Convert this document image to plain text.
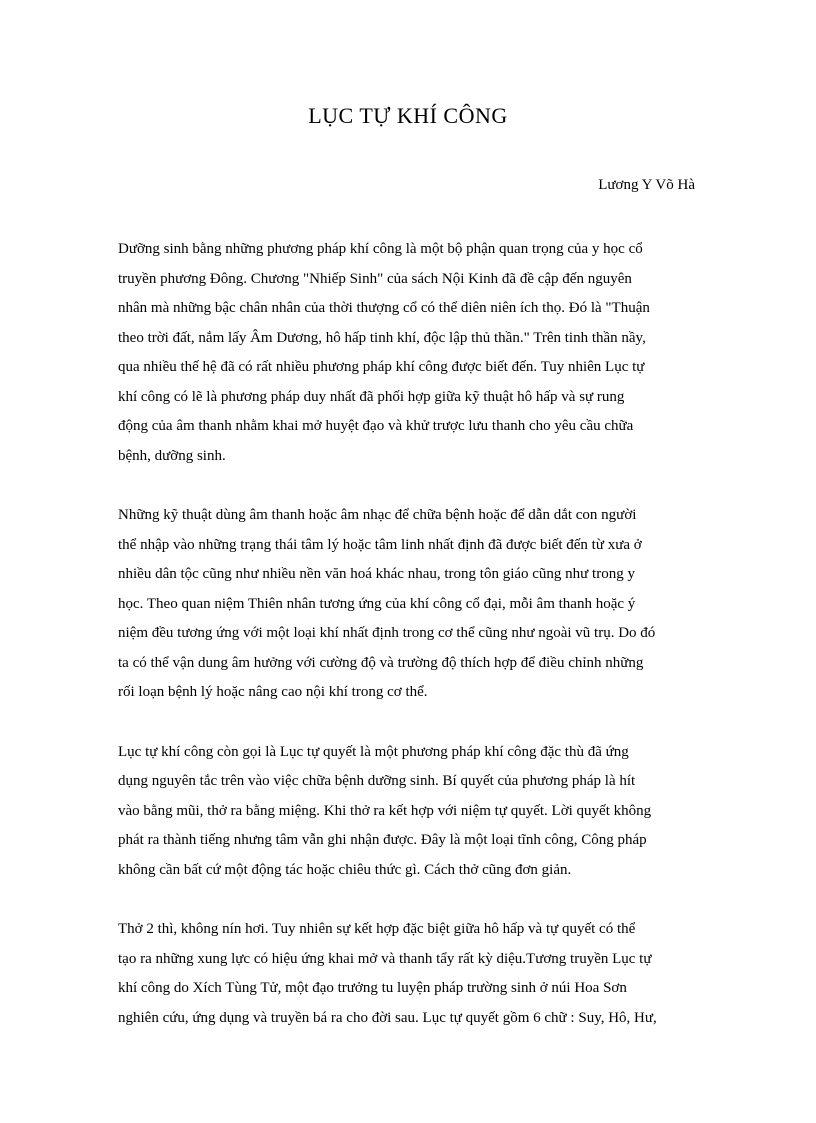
LỤC TỰ KHÍ CÔNG

Lương Y Võ Hà

Dưỡng sinh bằng những phương pháp khí công là một bộ phận quan trọng của y học cổ
truyền phương Đông. Chương "Nhiếp Sinh" của sách Nội Kinh đã đề cập đến nguyên
nhân mà những bậc chân nhân của thời thượng cổ có thể diên niên ích thọ. Đó là "Thuận
theo trời đất, nắm lấy Âm Dương, hô hấp tinh khí, độc lập thủ thần." Trên tinh thần nầy,
qua nhiều thế hệ đã có rất nhiều phương pháp khí công được biết đến. Tuy nhiên Lục tự
khí công có lẽ là phương pháp duy nhất đã phối hợp giữa kỹ thuật hô hấp và sự rung
động của âm thanh nhằm khai mở huyệt đạo và khử trược lưu thanh cho yêu cầu chữa
bệnh, dưỡng sinh.
Những kỹ thuật dùng âm thanh hoặc âm nhạc để chữa bệnh hoặc để dẫn dắt con người
thể nhập vào những trạng thái tâm lý hoặc tâm linh nhất định đã được biết đến từ xưa ở
nhiều dân tộc cũng như nhiều nền văn hoá khác nhau, trong tôn giáo cũng như trong y
học. Theo quan niệm Thiên nhân tương ứng của khí công cổ đại, mỗi âm thanh hoặc ý
niệm đều tương ứng với một loại khí nhất định trong cơ thể cũng như ngoài vũ trụ. Do đó
ta có thể vận dung âm hưởng với cường độ và trường độ thích hợp để điều chỉnh những
rối loạn bệnh lý hoặc nâng cao nội khí trong cơ thể.
Lục tự khí công còn gọi là Lục tự quyết là một phương pháp khí công đặc thù đã ứng
dụng nguyên tắc trên vào việc chữa bệnh dưỡng sinh. Bí quyết của phương pháp là hít
vào bằng mũi, thở ra bằng miệng. Khi thở ra kết hợp với niệm tự quyết. Lời quyết không
phát ra thành tiếng nhưng tâm vẫn ghi nhận được. Đây là một loại tĩnh công, Công pháp
không cần bất cứ một động tác hoặc chiêu thức gì. Cách thở cũng đơn giản.
Thở 2 thì, không nín hơi. Tuy nhiên sự kết hợp đặc biệt giữa hô hấp và tự quyết có thể
tạo ra những xung lực có hiệu ứng khai mở và thanh tẩy rất kỳ diệu.Tương truyền Lục tự
khí công do Xích Tùng Tử, một đạo trưởng tu luyện pháp trường sinh ở núi Hoa Sơn
nghiên cứu, ứng dụng và truyền bá ra cho đời sau. Lục tự quyết gồm 6 chữ : Suy, Hô, Hư,
